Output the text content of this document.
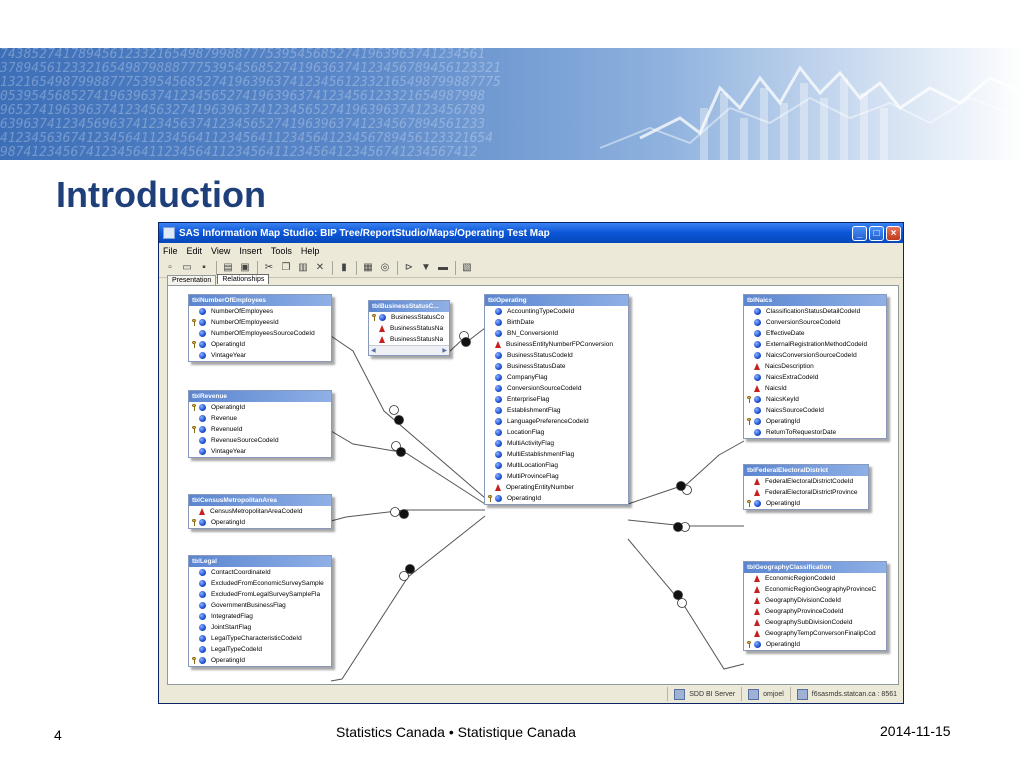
74385274178945612332165498799887775395456852741963963741234561
3789456123321654987988877753954568527419636374123456789456123321
1321654987998877753954568527419639637412345612332165498799887775
05395456852741963963741234565274196396374123456123321654987998
96527419639637412345632741963963741234565274196396374123456789
63963741234569637412345637412345652741963963741234567894561233
412345636741234564112345641123456411234564123456789456123321654
9874123456741234564112345641123456411234564123456741234567412
Introduction
SAS Information Map Studio: BIP Tree/ReportStudio/Maps/Operating Test Map	_	□	×
File Edit View Insert Tools Help
▫	▭	▪	▤ ▣ ✂ ❐ ▥ ✕	▮	▦ ◎ ⊳ ▼ ▬ ▧
Presentation	Relationships
tblNumberOfEmployees
NumberOfEmployees
NumberOfEmployeesId
NumberOfEmployeesSourceCodeId
OperatingId
VintageYear
tblRevenue
OperatingId
Revenue
RevenueId
RevenueSourceCodeId
VintageYear
tblCensusMetropolitanArea
CensusMetropolitanAreaCodeId
OperatingId
tblLegal
ContactCoordinateId
ExcludedFromEconomicSurveySample
ExcludedFromLegalSurveySampleFla
GovernmentBusinessFlag
IntegratedFlag
JointStartFlag
LegalTypeCharacteristicCodeId
LegalTypeCodeId
OperatingId
tblBusinessStatusC...
BusinessStatusCo
BusinessStatusNa
BusinessStatusNa
◀	▶
tblOperating
AccountingTypeCodeId
BirthDate
BN_ConversionId
BusinessEntityNumberFPConversion
BusinessStatusCodeId
BusinessStatusDate
CompanyFlag
ConversionSourceCodeId
EnterpriseFlag
EstablishmentFlag
LanguagePreferenceCodeId
LocationFlag
MultiActivityFlag
MultiEstablishmentFlag
MultiLocationFlag
MultiProvinceFlag
OperatingEntityNumber
OperatingId
tblNaics
ClassificationStatusDetailCodeId
ConversionSourceCodeId
EffectiveDate
ExternalRegistrationMethodCodeId
NaicsConversionSourceCodeId
NaicsDescription
NaicsExtraCodeId
NaicsId
NaicsKeyId
NaicsSourceCodeId
OperatingId
ReturnToRequestorDate
tblFederalElectoralDistrict
FederalElectoralDistrictCodeId
FederalElectoralDistrictProvince
OperatingId
tblGeographyClassification
EconomicRegionCodeId
EconomicRegionGeographyProvinceC
GeographyDivisionCodeId
GeographyProvinceCodeId
GeographySubDivisionCodeId
GeographyTempConversonFinalipCod
OperatingId
SDD BI Server	omjoel	f6sasmds.statcan.ca : 8561
4	Statistics Canada • Statistique Canada	2014-11-15
